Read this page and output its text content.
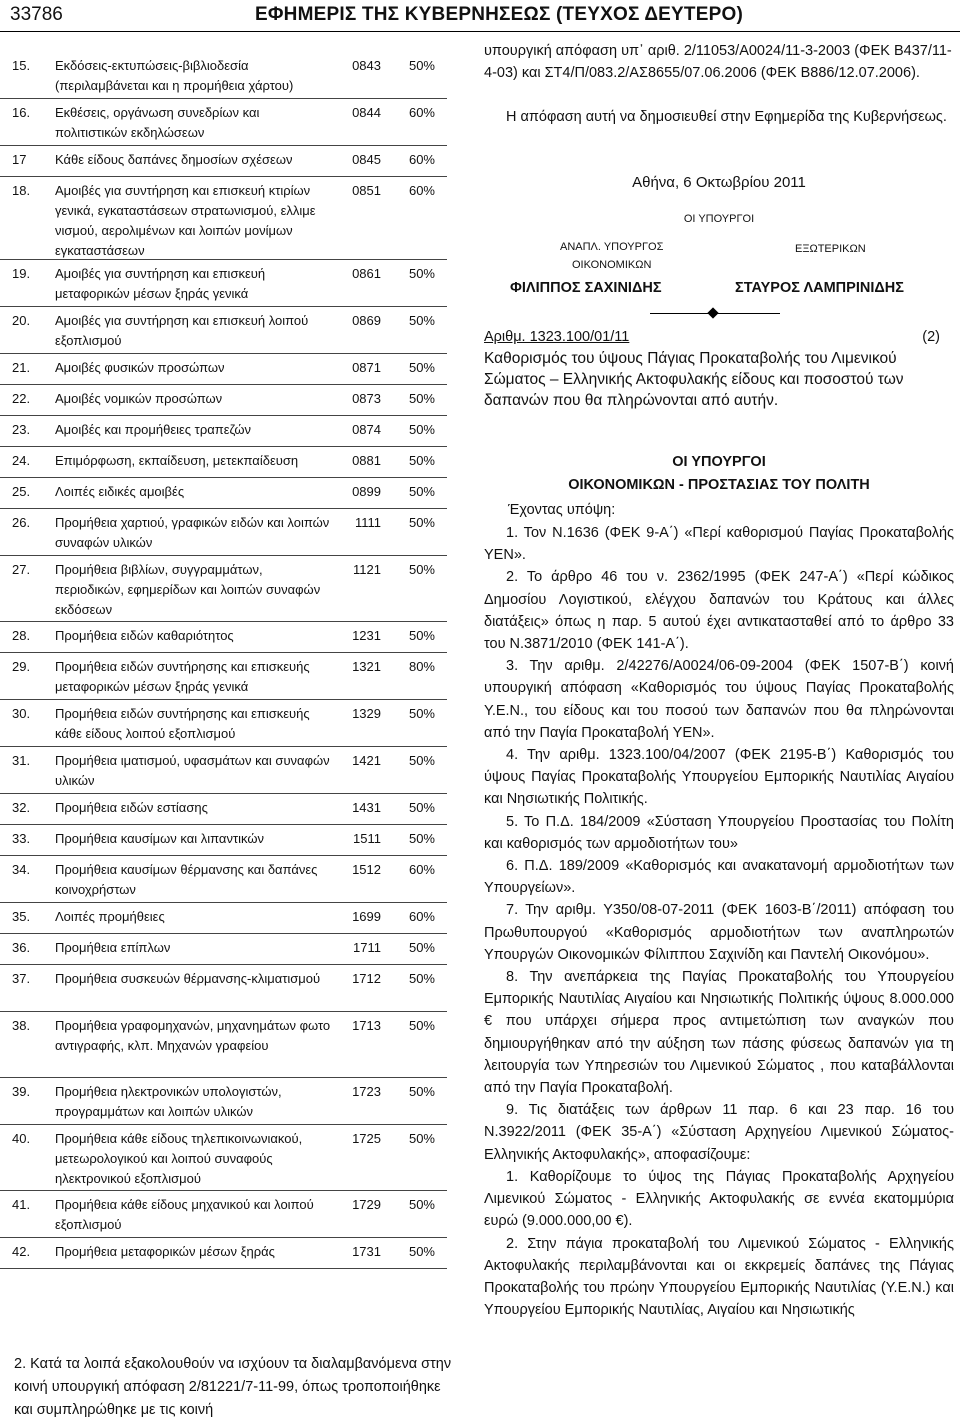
33786	ΕΦΗΜΕΡΙΣ ΤΗΣ ΚΥΒΕΡΝΗΣΕΩΣ (ΤΕΥΧΟΣ ΔΕΥΤΕΡΟ)
15. Εκδόσεις-εκτυπώσεις-βιβλιοδεσία (περιλαμβάνεται και η προμήθεια χάρτου)
0843	50%
16. Εκθέσεις, οργάνωση συνεδρίων και πολιτιστικών εκδηλώσεων
0844	60%
17 Κάθε είδους δαπάνες δημοσίων σχέσεων	0845	60%
18. Αμοιβές για συντήρηση και επισκευή κτιρίων γενικά, εγκαταστάσεων στρατωνισμού, ελλιμε νισμού, αερολιμένων και λοιπών μονίμων εγκαταστάσεων
0851	60%
19. Αμοιβές για συντήρηση και επισκευή μεταφορικών μέσων ξηράς γενικά
0861	50%
20. Αμοιβές για συντήρηση και επισκευή λοιπού εξοπλισμού
0869	50%
21. Αμοιβές φυσικών προσώπων	0871	50%
22. Αμοιβές νομικών προσώπων	0873	50%
23. Αμοιβές και προμήθειες τραπεζών	0874	50%
24. Επιμόρφωση, εκπαίδευση, μετεκπαίδευση	0881	50%
25. Λοιπές ειδικές αμοιβές	0899	50%
26. Προμήθεια χαρτιού, γραφικών ειδών και λοιπών συναφών υλικών
1111	50%
27. Προμήθεια βιβλίων, συγγραμμάτων, περιοδικών, εφημερίδων και λοιπών συναφών εκδόσεων
1121	50%
28. Προμήθεια ειδών καθαριότητος	1231	50%
29. Προμήθεια ειδών συντήρησης και επισκευής μεταφορικών μέσων ξηράς γενικά
1321	80%
30. Προμήθεια ειδών συντήρησης και επισκευής κάθε είδους λοιπού εξοπλισμού
1329	50%
31. Προμήθεια ιματισμού, υφασμάτων και συναφών υλικών
1421	50%
32. Προμήθεια ειδών εστίασης	1431	50%
33. Προμήθεια καυσίμων και λιπαντικών	1511	50%
34. Προμήθεια καυσίμων θέρμανσης και δαπάνες κοινοχρήστων
1512	60%
35. Λοιπές προμήθειες	1699	60%
36. Προμήθεια επίπλων	1711	50%
37. Προμήθεια συσκευών θέρμανσης-κλιματισμού	1712	50%
38. Προμήθεια γραφομηχανών, μηχανημάτων φωτο αντιγραφής, κλπ. Μηχανών γραφείου
1713	50%
39. Προμήθεια ηλεκτρονικών υπολογιστών, προγραμμάτων και λοιπών υλικών
1723	50%
40. Προμήθεια κάθε είδους τηλεπικοινωνιακού, μετεωρολογικού και λοιπού συναφούς ηλεκτρονικού εξοπλισμού
1725	50%
41. Προμήθεια κάθε είδους μηχανικού και λοιπού εξοπλισμού
1729	50%
42. Προμήθεια μεταφορικών μέσων ξηράς	1731	50%
2. Κατά τα λοιπά εξακολουθούν να ισχύουν τα διαλαμβανόμενα στην κοινή υπουργική απόφαση 2/81221/7-11-99, όπως τροποποιήθηκε και συμπληρώθηκε με τις κοινή
υπουργική απόφαση υπ᾽ αριθ. 2/11053/Α0024/11-3-2003 (ΦΕΚ Β437/11-4-03) και ΣΤ4/Π/083.2/ΑΣ8655/07.06.2006 (ΦΕΚ Β886/12.07.2006).
Η απόφαση αυτή να δημοσιευθεί στην Εφημερίδα της Κυβερνήσεως.
Αθήνα, 6 Οκτωβρίου 2011
ΟΙ ΥΠΟΥΡΓΟΙ
ΑΝΑΠΛ. ΥΠΟΥΡΓΟΣ
ΟΙΚΟΝΟΜΙΚΩΝ
ΕΞΩΤΕΡΙΚΩΝ
ΦΙΛΙΠΠΟΣ ΣΑΧΙΝΙΔΗΣ	ΣΤΑΥΡΟΣ ΛΑΜΠΡΙΝΙΔΗΣ
Αριθμ. 1323.100/01/11	(2)
Καθορισμός του ύψους Πάγιας Προκαταβολής του Λιμενικού Σώματος – Ελληνικής Ακτοφυλακής είδους και ποσοστού των δαπανών που θα πληρώνονται από αυτήν.
ΟΙ ΥΠΟΥΡΓΟΙ
ΟΙΚΟΝΟΜΙΚΩΝ - ΠΡΟΣΤΑΣΙΑΣ ΤΟΥ ΠΟΛΙΤΗ
Έχοντας υπόψη:
1. Τον Ν.1636 (ΦΕΚ 9-Α΄) «Περί καθορισμού Παγίας Προκαταβολής ΥΕΝ».
2. Το άρθρο 46 του ν. 2362/1995 (ΦΕΚ 247-Α΄) «Περί κώδικος Δημοσίου Λογιστικού, ελέγχου δαπανών του Κράτους και άλλες διατάξεις» όπως η παρ. 5 αυτού έχει αντικατασταθεί από το άρθρο 33 του Ν.3871/2010 (ΦΕΚ 141-Α΄).
3. Την αριθμ. 2/42276/Α0024/06-09-2004 (ΦΕΚ 1507-Β΄) κοινή υπουργική απόφαση «Καθορισμός του ύψους Παγίας Προκαταβολής Υ.Ε.Ν., του είδους και του ποσού των δαπανών που θα πληρώνονται από την Παγία Προκαταβολή ΥΕΝ».
4. Την αριθμ. 1323.100/04/2007 (ΦΕΚ 2195-Β΄) Καθορισμός του ύψους Παγίας Προκαταβολής Υπουργείου Εμπορικής Ναυτιλίας Αιγαίου και Νησιωτικής Πολιτικής.
5. Το Π.Δ. 184/2009 «Σύσταση Υπουργείου Προστασίας του Πολίτη και καθορισμός των αρμοδιοτήτων του»
6. Π.Δ. 189/2009 «Καθορισμός και ανακατανομή αρμοδιοτήτων των Υπουργείων».
7. Την αριθμ. Υ350/08-07-2011 (ΦΕΚ 1603-Β΄/2011) απόφαση του Πρωθυπουργού «Καθορισμός αρμοδιοτήτων των αναπληρωτών Υπουργών Οικονομικών Φίλιππου Σαχινίδη και Παντελή Οικονόμου».
8. Την ανεπάρκεια της Παγίας Προκαταβολής του Υπουργείου Εμπορικής Ναυτιλίας Αιγαίου και Νησιωτικής Πολιτικής ύψους 8.000.000 € που υπάρχει σήμερα προς αντιμετώπιση των αναγκών που δημιουργήθηκαν από την αύξηση των πάσης φύσεως δαπανών για τη λειτουργία των Υπηρεσιών του Λιμενικού Σώματος , που καταβάλλονται από την Παγία Προκαταβολή.
9. Τις διατάξεις των άρθρων 11 παρ. 6 και 23 παρ. 16 του Ν.3922/2011 (ΦΕΚ 35-Α΄) «Σύσταση Αρχηγείου Λιμενικού Σώματος- Ελληνικής Ακτοφυλακής», αποφασίζουμε:
1. Καθορίζουμε το ύψος της Πάγιας Προκαταβολής Αρχηγείου Λιμενικού Σώματος - Ελληνικής Ακτοφυλακής σε εννέα εκατομμύρια ευρώ (9.000.000,00 €).
2. Στην πάγια προκαταβολή του Λιμενικού Σώματος - Ελληνικής Ακτοφυλακής περιλαμβάνονται και οι εκκρεμείς δαπάνες της Πάγιας Προκαταβολής του πρώην Υπουργείου Εμπορικής Ναυτιλίας (Υ.Ε.Ν.) και Υπουργείου Εμπορικής Ναυτιλίας, Αιγαίου και Νησιωτικής
